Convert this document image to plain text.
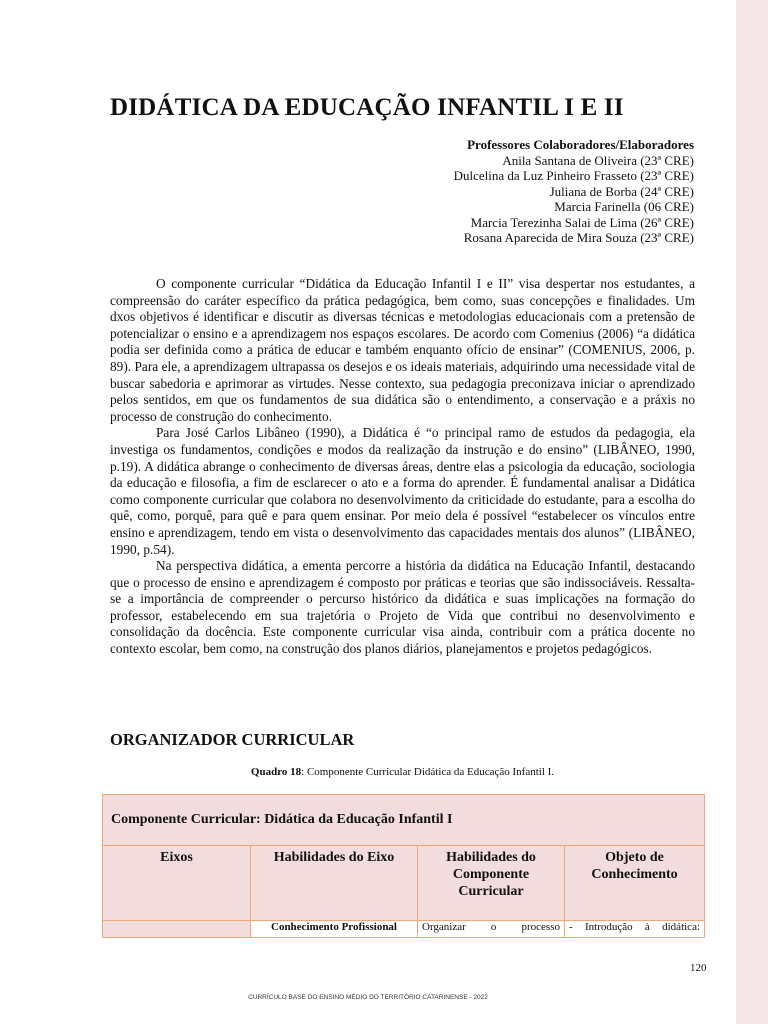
DIDÁTICA DA EDUCAÇÃO INFANTIL I E II
Professores Colaboradores/Elaboradores
Anila Santana de Oliveira (23ª CRE)
Dulcelina da Luz Pinheiro Frasseto (23ª CRE)
Juliana de Borba (24ª CRE)
Marcia Farinella (06 CRE)
Marcia Terezinha Salai de Lima (26ª CRE)
Rosana Aparecida de Mira Souza (23ª CRE)

O componente curricular “Didática da Educação Infantil I e II” visa despertar nos estudantes, a compreensão do caráter específico da prática pedagógica, bem como, suas concepções e finalidades. Um dxos objetivos é identificar e discutir as diversas técnicas e metodologias educacionais com a pretensão de potencializar o ensino e a aprendizagem nos espaços escolares. De acordo com Comenius (2006) “a didática podia ser definida como a prática de educar e também enquanto ofício de ensinar” (COMENIUS, 2006, p. 89). Para ele, a aprendizagem ultrapassa os desejos e os ideais materiais, adquirindo uma necessidade vital de buscar sabedoria e aprimorar as virtudes. Nesse contexto, sua pedagogia preconizava iniciar o aprendizado pelos sentidos, em que os fundamentos de sua didática são o entendimento, a conservação e a práxis no processo de construção do conhecimento.

Para José Carlos Libâneo (1990), a Didática é “o principal ramo de estudos da pedagogia, ela investiga os fundamentos, condições e modos da realização da instrução e do ensino” (LIBÂNEO, 1990, p.19). A didática abrange o conhecimento de diversas áreas, dentre elas a psicologia da educação, sociologia da educação e filosofia, a fim de esclarecer o ato e a forma do aprender. É fundamental analisar a Didática como componente curricular que colabora no desenvolvimento da criticidade do estudante, para a escolha do quê, como, porquê, para quê e para quem ensinar. Por meio dela é possível “estabelecer os vínculos entre ensino e aprendizagem, tendo em vista o desenvolvimento das capacidades mentais dos alunos” (LIBÂNEO, 1990, p.54).

Na perspectiva didática, a ementa percorre a história da didática na Educação Infantil, destacando que o processo de ensino e aprendizagem é composto por práticas e teorias que são indissociáveis. Ressalta-se a importância de compreender o percurso histórico da didática e suas implicações na formação do professor, estabelecendo em sua trajetória o Projeto de Vida que contribui no desenvolvimento e consolidação da docência. Este componente curricular visa ainda, contribuir com a prática docente no contexto escolar, bem como, na construção dos planos diários, planejamentos e projetos pedagógicos.

ORGANIZADOR CURRICULAR
Quadro 18: Componente Curricular Didática da Educação Infantil I.
Componente Curricular: Didática da Educação Infantil I			
Eixos	Habilidades do Eixo	Habilidades do Componente Curricular	Objeto de Conhecimento
	Conhecimento Profissional	Organizar o processo	- Introdução à didática:
120
CURRÍCULO BASE DO ENSINO MÉDIO DO TERRITÓRIO CATARINENSE - 2022
